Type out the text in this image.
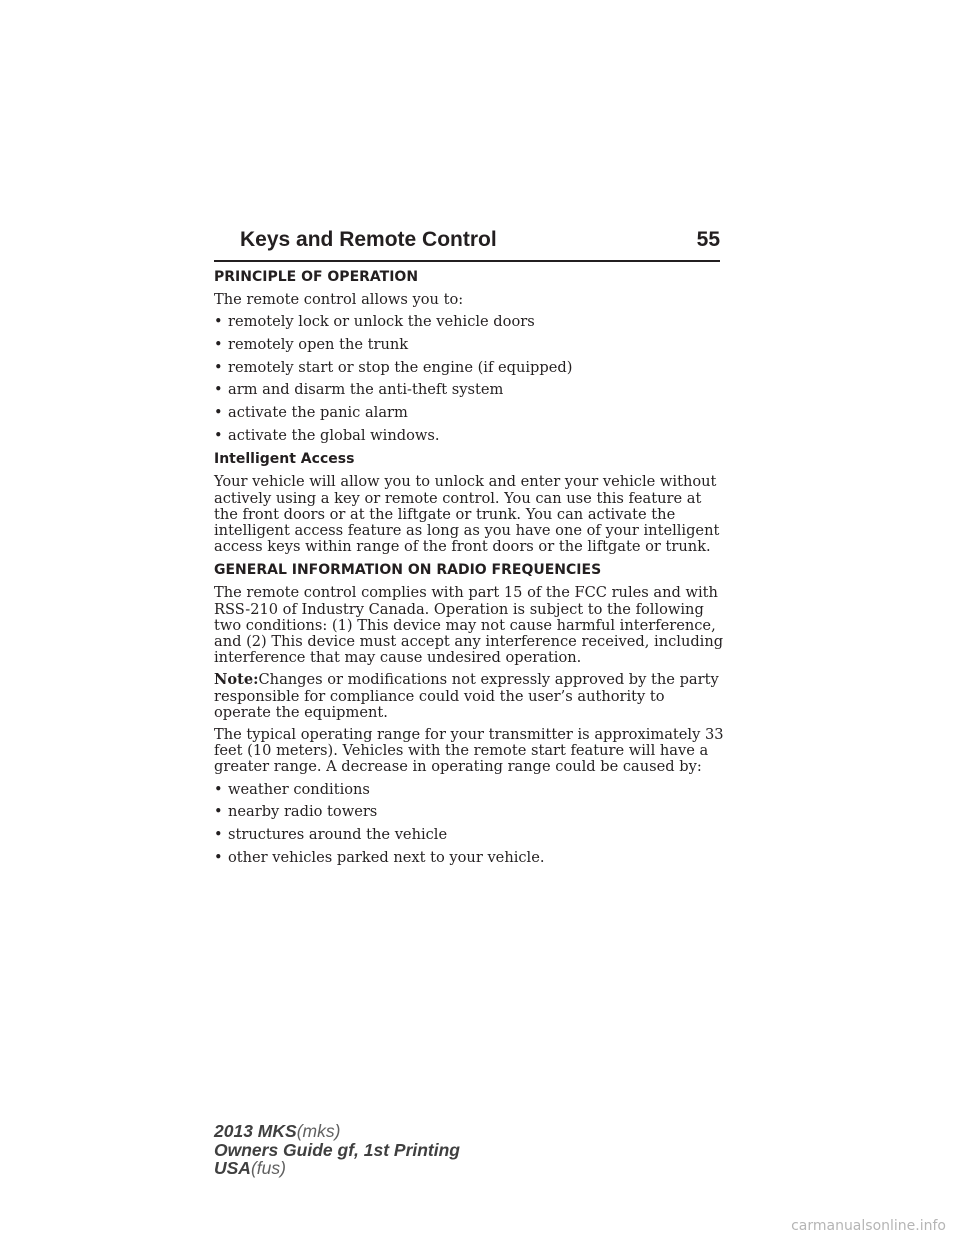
Keys and Remote Control	55
PRINCIPLE OF OPERATION
The remote control allows you to:
• remotely lock or unlock the vehicle doors
• remotely open the trunk
• remotely start or stop the engine (if equipped)
• arm and disarm the anti-theft system
• activate the panic alarm
• activate the global windows.
Intelligent Access
Your vehicle will allow you to unlock and enter your vehicle without actively using a key or remote control. You can use this feature at the front doors or at the liftgate or trunk. You can activate the intelligent access feature as long as you have one of your intelligent access keys within range of the front doors or the liftgate or trunk.
GENERAL INFORMATION ON RADIO FREQUENCIES
The remote control complies with part 15 of the FCC rules and with RSS-210 of Industry Canada. Operation is subject to the following two conditions: (1) This device may not cause harmful interference, and (2) This device must accept any interference received, including interference that may cause undesired operation.
Note:Changes or modifications not expressly approved by the party responsible for compliance could void the user’s authority to operate the equipment.
The typical operating range for your transmitter is approximately 33 feet (10 meters). Vehicles with the remote start feature will have a greater range. A decrease in operating range could be caused by:
• weather conditions
• nearby radio towers
• structures around the vehicle
• other vehicles parked next to your vehicle.
2013 MKS(mks)
Owners Guide gf, 1st Printing
USA(fus)
carmanualsonline.info
